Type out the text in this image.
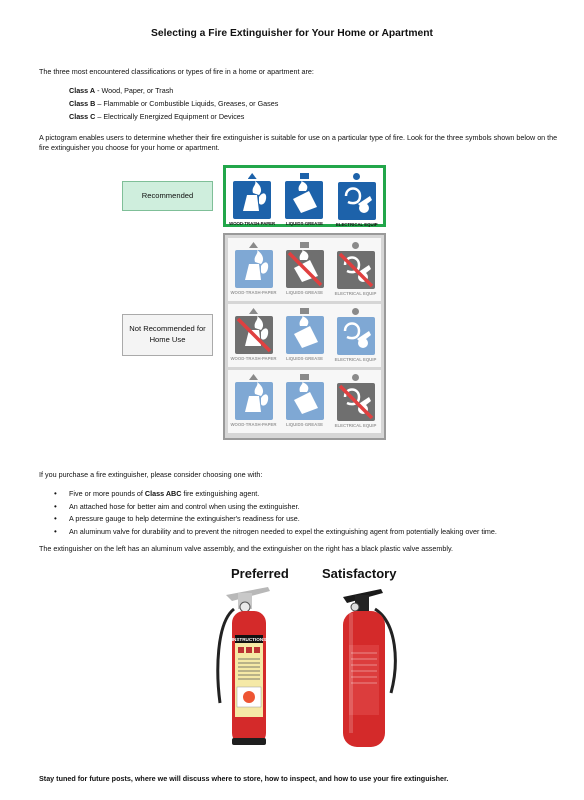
Selecting a Fire Extinguisher for Your Home or Apartment
The three most encountered classifications or types of fire in a home or apartment are:
Class A - Wood, Paper, or Trash
Class B – Flammable or Combustible Liquids, Greases, or Gases
Class C – Electrically Energized Equipment or Devices
A pictogram enables users to determine whether their fire extinguisher is suitable for use on a particular type of fire. Look for the three symbols shown below on the fire extinguisher you choose for your home or apartment.
Recommended
Not Recommended for Home Use
WOOD·TRASH·PAPER	LIQUIDS·GREASE	ELECTRICAL EQUIP
WOOD·TRASH·PAPER LIQUIDS·GREASE	ELECTRICAL EQUIP
WOOD·TRASH·PAPER LIQUIDS·GREASE	ELECTRICAL EQUIP
WOOD·TRASH·PAPER LIQUIDS·GREASE	ELECTRICAL EQUIP
If you purchase a fire extinguisher, please consider choosing one with:
• Five or more pounds of Class ABC fire extinguishing agent.
• An attached hose for better aim and control when using the extinguisher.
• A pressure gauge to help determine the extinguisher's readiness for use.
• An aluminum valve for durability and to prevent the nitrogen needed to expel the extinguishing agent from potentially leaking over time.
The extinguisher on the left has an aluminum valve assembly, and the extinguisher on the right has a black plastic valve assembly.
Preferred	Satisfactory
INSTRUCTIONS
Stay tuned for future posts, where we will discuss where to store, how to inspect, and how to use your fire extinguisher.
